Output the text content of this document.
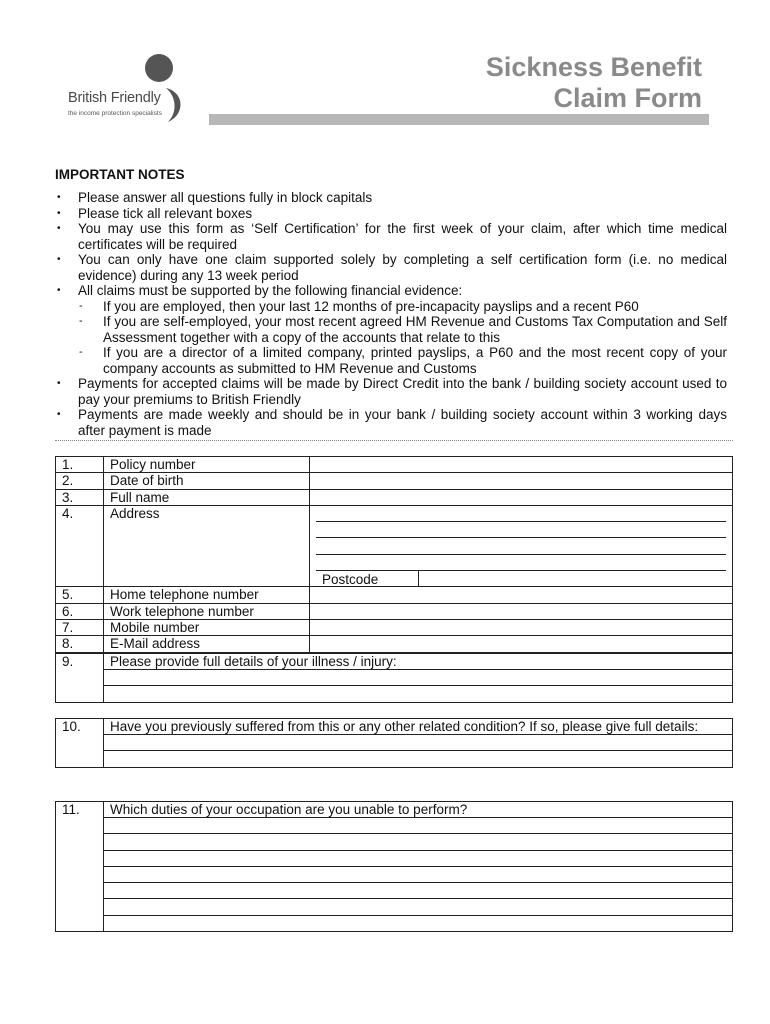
British Friendly
the income protection specialists
Sickness Benefit
Claim Form
IMPORTANT NOTES
• Please answer all questions fully in block capitals
• Please tick all relevant boxes
• You may use this form as ‘Self Certification’ for the first week of your claim, after which time medical certificates will be required
• You can only have one claim supported solely by completing a self certification form (i.e. no medical evidence) during any 13 week period
• All claims must be supported by the following financial evidence:
- If you are employed, then your last 12 months of pre-incapacity payslips and a recent P60
- If you are self-employed, your most recent agreed HM Revenue and Customs Tax Computation and Self Assessment together with a copy of the accounts that relate to this
- If you are a director of a limited company, printed payslips, a P60 and the most recent copy of your company accounts as submitted to HM Revenue and Customs
• Payments for accepted claims will be made by Direct Credit into the bank / building society account used to pay your premiums to British Friendly
• Payments are made weekly and should be in your bank / building society account within 3 working days after payment is made
1.	Policy number	
2.	Date of birth	
3.	Full name	
4.	Address	Postcode

5.	Home telephone number	
6.	Work telephone number	
7.	Mobile number	
8.	E-Mail address	
9.	Please provide full details of your illness / injury:
10.	Have you previously suffered from this or any other related condition? If so, please give full details:
11.	Which duties of your occupation are you unable to perform?
